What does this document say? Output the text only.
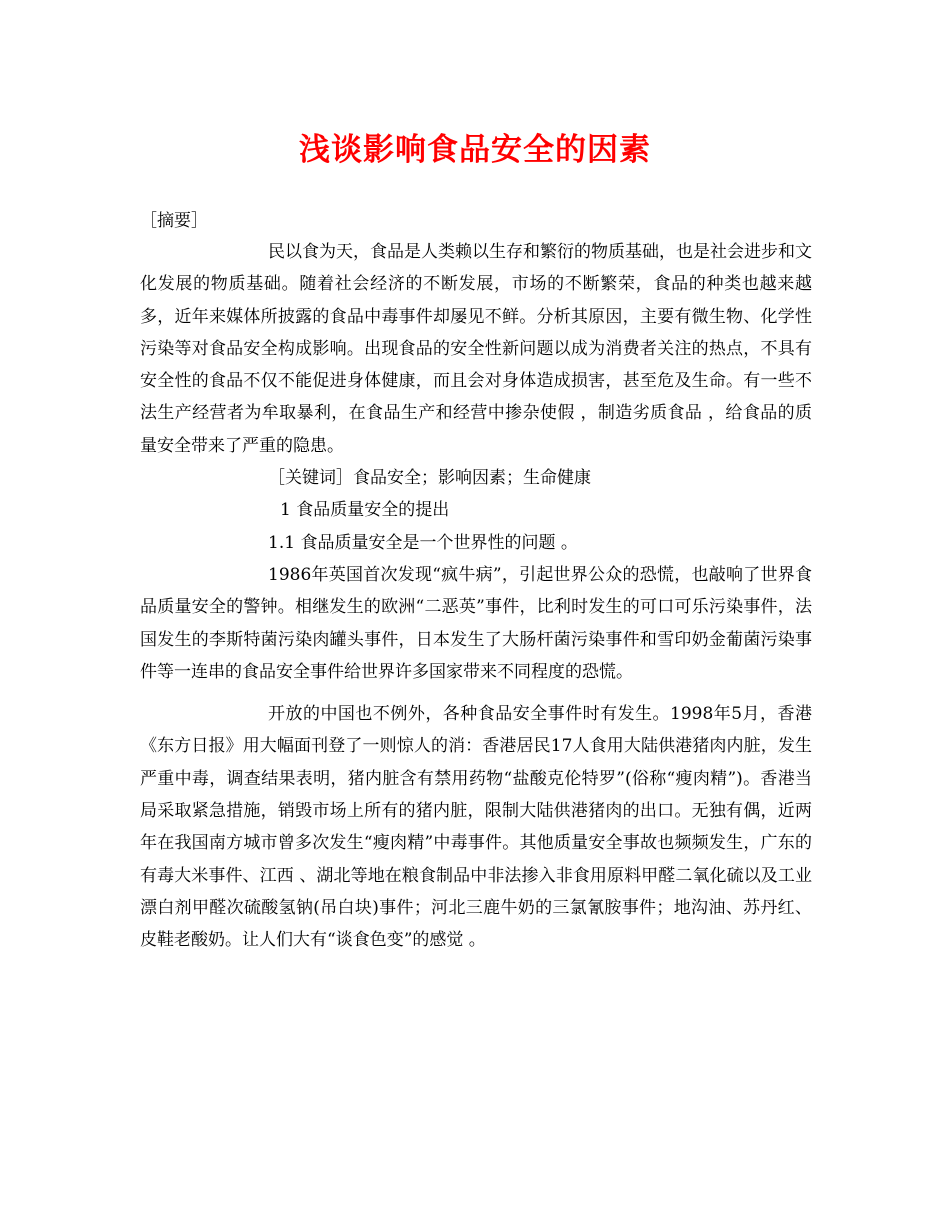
浅谈影响食品安全的因素
［摘要］

民以食为天，食品是人类赖以生存和繁衍的物质基础，也是社会进步和文化发展的物质基础。随着社会经济的不断发展，市场的不断繁荣，食品的种类也越来越多，近年来媒体所披露的食品中毒事件却屡见不鲜。分析其原因，主要有微生物、化学性污染等对食品安全构成影响。出现食品的安全性新问题以成为消费者关注的热点，不具有安全性的食品不仅不能促进身体健康，而且会对身体造成损害，甚至危及生命。有一些不法生产经营者为牟取暴利，在食品生产和经营中掺杂使假 ，制造劣质食品 ，给食品的质量安全带来了严重的隐患。

［关键词］食品安全；影响因素；生命健康

1 食品质量安全的提出

1.1 食品质量安全是一个世界性的问题 。

1986年英国首次发现“疯牛病”，引起世界公众的恐慌，也敲响了世界食品质量安全的警钟。相继发生的欧洲“二恶英”事件，比利时发生的可口可乐污染事件，法国发生的李斯特菌污染肉罐头事件，日本发生了大肠杆菌污染事件和雪印奶金葡菌污染事件等一连串的食品安全事件给世界许多国家带来不同程度的恐慌。

开放的中国也不例外，各种食品安全事件时有发生。1998年5月，香港《东方日报》用大幅面刊登了一则惊人的消：香港居民17人食用大陆供港猪肉内脏，发生严重中毒，调查结果表明，猪内脏含有禁用药物“盐酸克伦特罗”(俗称“瘦肉精”)。香港当局采取紧急措施，销毁市场上所有的猪内脏，限制大陆供港猪肉的出口。无独有偶，近两年在我国南方城市曾多次发生“瘦肉精”中毒事件。其他质量安全事故也频频发生，广东的有毒大米事件、江西 、湖北等地在粮食制品中非法掺入非食用原料甲醛二氧化硫以及工业漂白剂甲醛次硫酸氢钠(吊白块)事件；河北三鹿牛奶的三氯氰胺事件；地沟油、苏丹红、皮鞋老酸奶。让人们大有“谈食色变”的感觉 。
